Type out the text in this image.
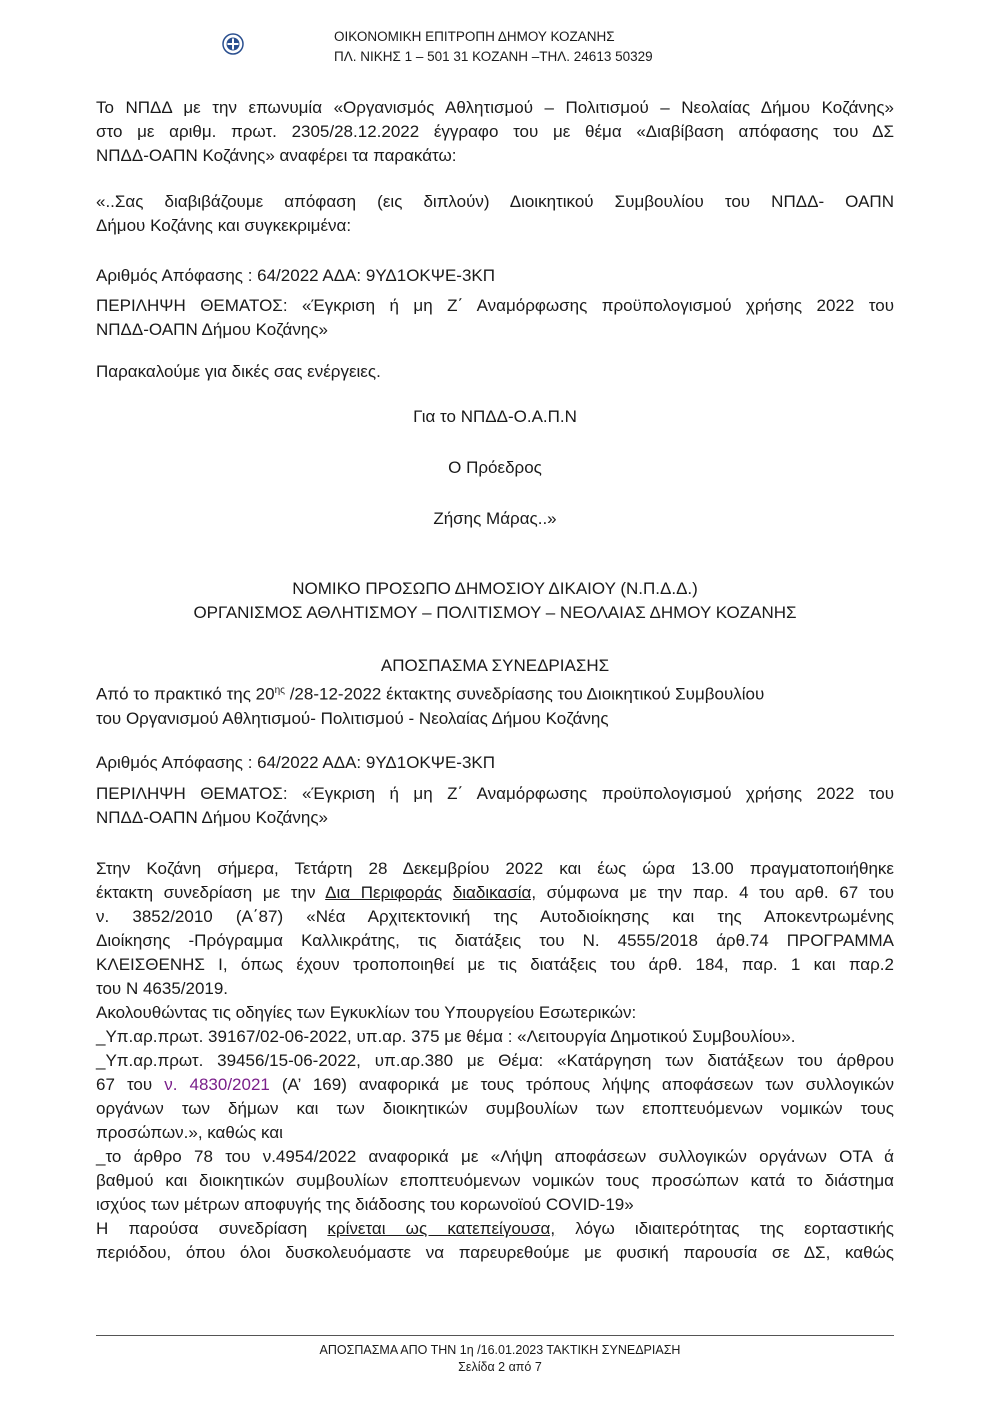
ΟΙΚΟΝΟΜΙΚΗ ΕΠΙΤΡΟΠΗ ΔΗΜΟΥ ΚΟΖΑΝΗΣ
ΠΛ. ΝΙΚΗΣ 1 – 501 31 ΚΟΖΑΝΗ –ΤΗΛ. 24613 50329

Το ΝΠΔΔ με την επωνυμία «Οργανισμός Αθλητισμού – Πολιτισμού – Νεολαίας Δήμου Κοζάνης»

στο με αριθμ. πρωτ. 2305/28.12.2022 έγγραφο του με θέμα «Διαβίβαση απόφασης του ΔΣ

ΝΠΔΔ-ΟΑΠΝ Κοζάνης» αναφέρει τα παρακάτω:

«..Σας διαβιβάζουμε απόφαση (εις διπλούν) Διοικητικού Συμβουλίου του ΝΠΔΔ- ΟΑΠΝ

Δήμου Κοζάνης και συγκεκριμένα:

Αριθμός Απόφασης : 64/2022 ΑΔΑ: 9ΥΔ1ΟΚΨΕ-3ΚΠ

ΠΕΡΙΛΗΨΗ ΘΕΜΑΤΟΣ: «Έγκριση ή μη Ζ΄ Αναμόρφωσης προϋπολογισμού χρήσης 2022 του

ΝΠΔΔ-ΟΑΠΝ Δήμου Κοζάνης»

Παρακαλούμε για δικές σας ενέργειες.

Για το ΝΠΔΔ-Ο.Α.Π.Ν

Ο Πρόεδρος

Ζήσης Μάρας..»

ΝΟΜΙΚΟ ΠΡΟΣΩΠΟ ΔΗΜΟΣΙΟΥ ΔΙΚΑΙΟΥ (Ν.Π.Δ.Δ.)

ΟΡΓΑΝΙΣΜΟΣ ΑΘΛΗΤΙΣΜΟΥ – ΠΟΛΙΤΙΣΜΟΥ – ΝΕΟΛΑΙΑΣ ΔΗΜΟΥ ΚΟΖΑΝΗΣ

ΑΠΟΣΠΑΣΜΑ ΣΥΝΕΔΡΙΑΣΗΣ

Από το πρακτικό της $20^{\eta\varsigma}$ /28-12-2022 έκτακτης συνεδρίασης του Διοικητικού Συμβουλίου

του Οργανισμού Αθλητισμού- Πολιτισμού - Νεολαίας Δήμου Κοζάνης

Αριθμός Απόφασης : 64/2022 ΑΔΑ: 9ΥΔ1ΟΚΨΕ-3ΚΠ

ΠΕΡΙΛΗΨΗ ΘΕΜΑΤΟΣ: «Έγκριση ή μη Ζ΄ Αναμόρφωσης προϋπολογισμού χρήσης 2022 του

ΝΠΔΔ-ΟΑΠΝ Δήμου Κοζάνης»

Στην Κοζάνη σήμερα, Τετάρτη 28 Δεκεμβρίου 2022 και έως ώρα 13.00 πραγματοποιήθηκε

έκτακτη συνεδρίαση με την Δια Περιφοράς διαδικασία, σύμφωνα με την παρ. 4 του αρθ. 67 του

ν. 3852/2010 (Α΄87) «Νέα Αρχιτεκτονική της Αυτοδιοίκησης και της Αποκεντρωμένης

Διοίκησης -Πρόγραμμα Καλλικράτης, τις διατάξεις του Ν. 4555/2018 άρθ.74 ΠΡΟΓΡΑΜΜΑ

ΚΛΕΙΣΘΕΝΗΣ Ι, όπως έχουν τροποποιηθεί με τις διατάξεις του άρθ. 184, παρ. 1 και παρ.2

του Ν 4635/2019.

Ακολουθώντας τις οδηγίες των Εγκυκλίων του Υπουργείου Εσωτερικών:

_Υπ.αρ.πρωτ. 39167/02-06-2022, υπ.αρ. 375 με θέμα : «Λειτουργία Δημοτικού Συμβουλίου».

_Υπ.αρ.πρωτ. 39456/15-06-2022, υπ.αρ.380 με Θέμα: «Κατάργηση των διατάξεων του άρθρου

67 του ν. 4830/2021 (Α’ 169) αναφορικά με τους τρόπους λήψης αποφάσεων των συλλογικών

οργάνων των δήμων και των διοικητικών συμβουλίων των εποπτευόμενων νομικών τους

προσώπων.», καθώς και

_το άρθρο 78 του ν.4954/2022 αναφορικά με «Λήψη αποφάσεων συλλογικών οργάνων ΟΤΑ ά

βαθμού και διοικητικών συμβουλίων εποπτευόμενων νομικών τους προσώπων κατά το διάστημα

ισχύος των μέτρων αποφυγής της διάδοσης του κορωνοϊού COVID-19»

Η παρούσα συνεδρίαση κρίνεται ως κατεπείγουσα, λόγω ιδιαιτερότητας της εορταστικής

περιόδου, όπου όλοι δυσκολευόμαστε να παρευρεθούμε με φυσική παρουσία σε ΔΣ, καθώς

ΑΠΟΣΠΑΣΜΑ ΑΠΟ ΤΗΝ 1η /16.01.2023 ΤΑΚΤΙΚΗ ΣΥΝΕΔΡΙΑΣΗ

Σελίδα 2 από 7
